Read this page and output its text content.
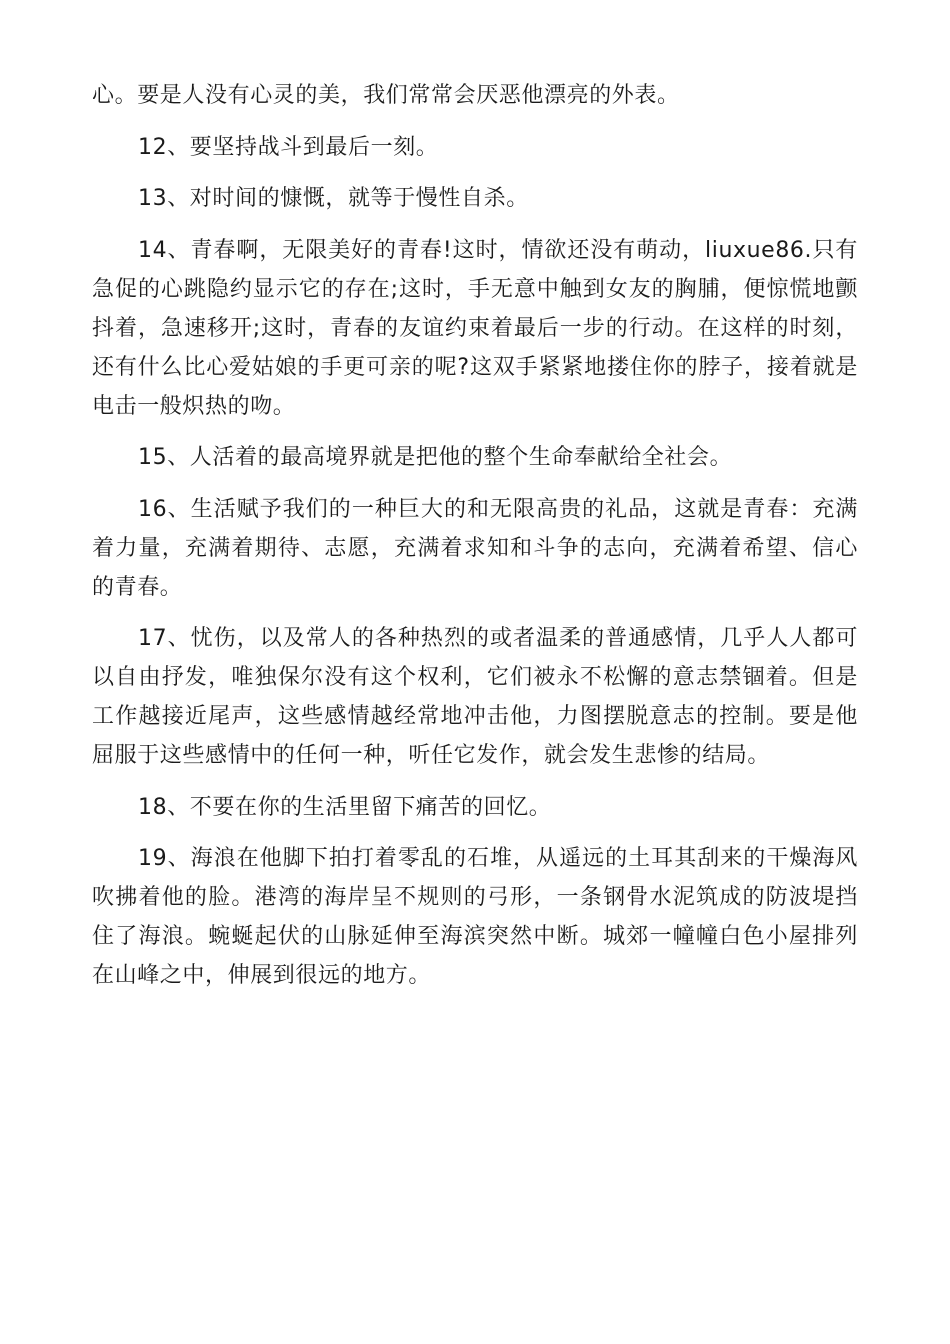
心。要是人没有心灵的美，我们常常会厌恶他漂亮的外表。

12、要坚持战斗到最后一刻。

13、对时间的慷慨，就等于慢性自杀。

14、青春啊，无限美好的青春!这时，情欲还没有萌动，liuxue86.只有急促的心跳隐约显示它的存在;这时，手无意中触到女友的胸脯，便惊慌地颤抖着，急速移开;这时，青春的友谊约束着最后一步的行动。在这样的时刻，还有什么比心爱姑娘的手更可亲的呢?这双手紧紧地搂住你的脖子，接着就是电击一般炽热的吻。

15、人活着的最高境界就是把他的整个生命奉献给全社会。

16、生活赋予我们的一种巨大的和无限高贵的礼品，这就是青春：充满着力量，充满着期待、志愿，充满着求知和斗争的志向，充满着希望、信心的青春。

17、忧伤，以及常人的各种热烈的或者温柔的普通感情，几乎人人都可以自由抒发，唯独保尔没有这个权利，它们被永不松懈的意志禁锢着。但是工作越接近尾声，这些感情越经常地冲击他，力图摆脱意志的控制。要是他屈服于这些感情中的任何一种，听任它发作，就会发生悲惨的结局。

18、不要在你的生活里留下痛苦的回忆。

19、海浪在他脚下拍打着零乱的石堆，从遥远的土耳其刮来的干燥海风吹拂着他的脸。港湾的海岸呈不规则的弓形，一条钢骨水泥筑成的防波堤挡住了海浪。蜿蜒起伏的山脉延伸至海滨突然中断。城郊一幢幢白色小屋排列在山峰之中，伸展到很远的地方。
